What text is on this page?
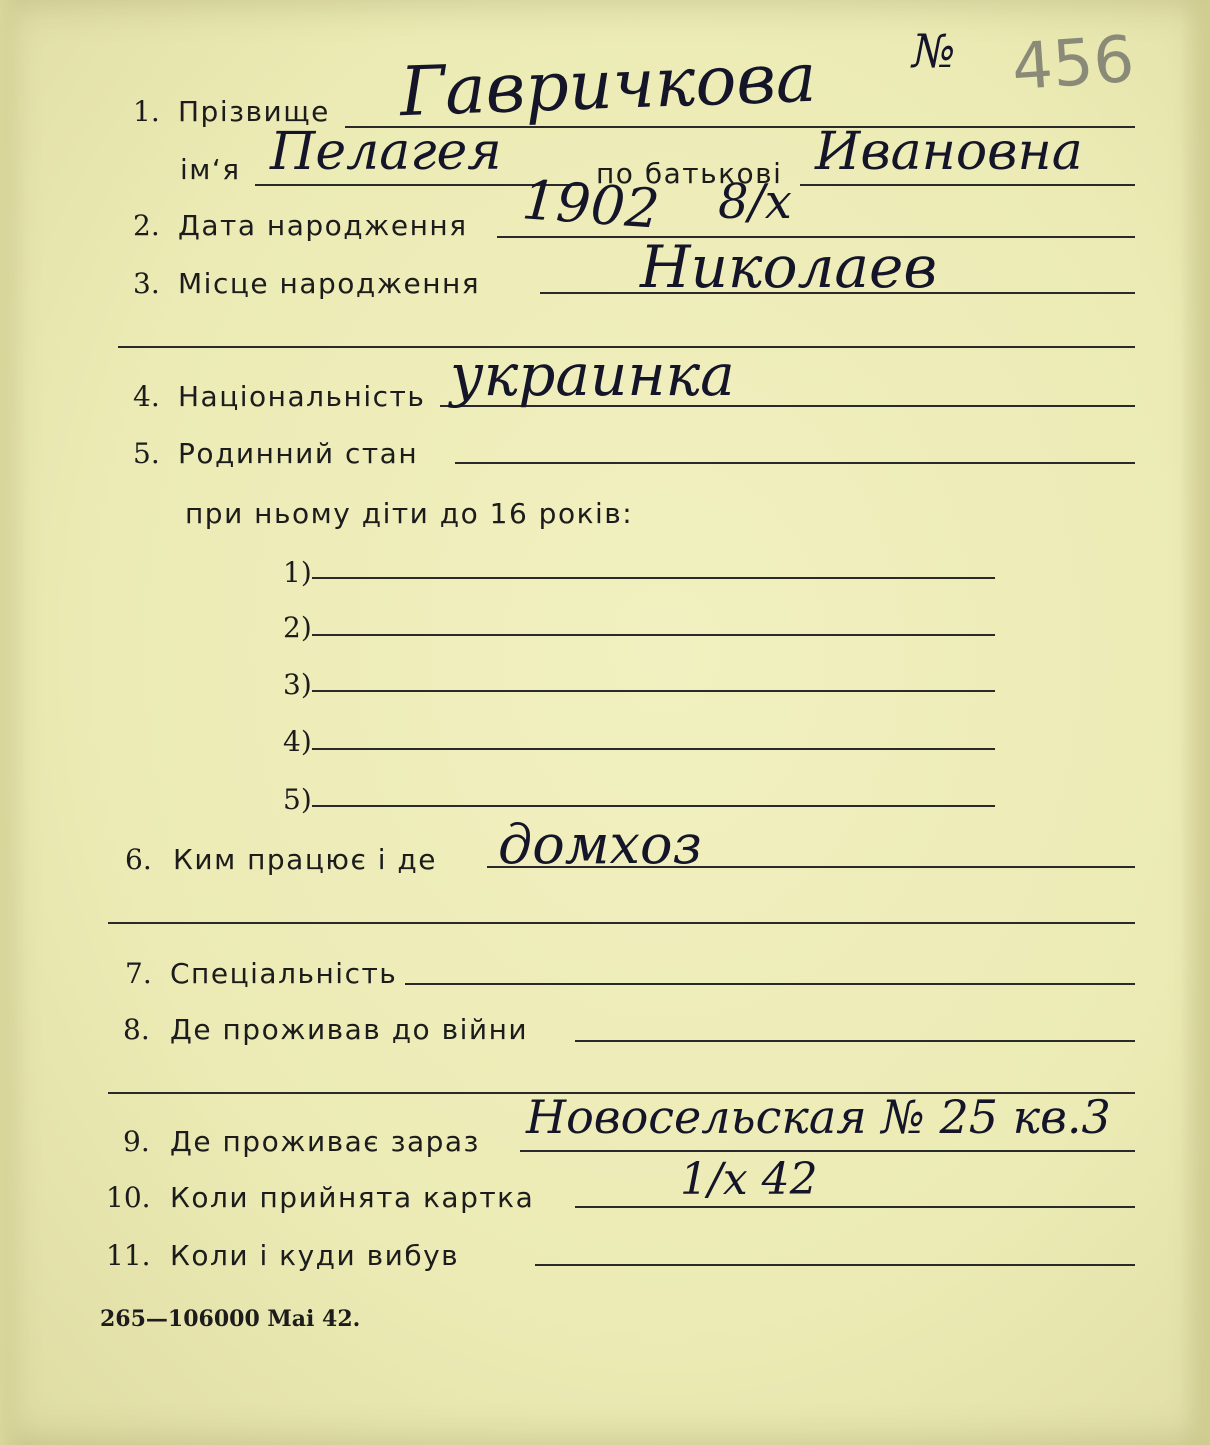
№ 456
1. Прізвище Гавричкова
ім‘я Пелагея	по батькові Ивановна
2. Дата народження 1902 8/x
3. Місце народження	Николаев
4. Національність украинка
5. Родинний стан
при ньому діти до 16 років:
1)
2)
3)
4)
5)
6. Ким працює і де домхоз
7. Спеціальність
8. Де проживав до війни
9. Де проживає зараз Новосельская № 25 кв.3
10. Коли прийнята картка	1/x 42
11. Коли і куди вибув
265—106000 Mai 42.
